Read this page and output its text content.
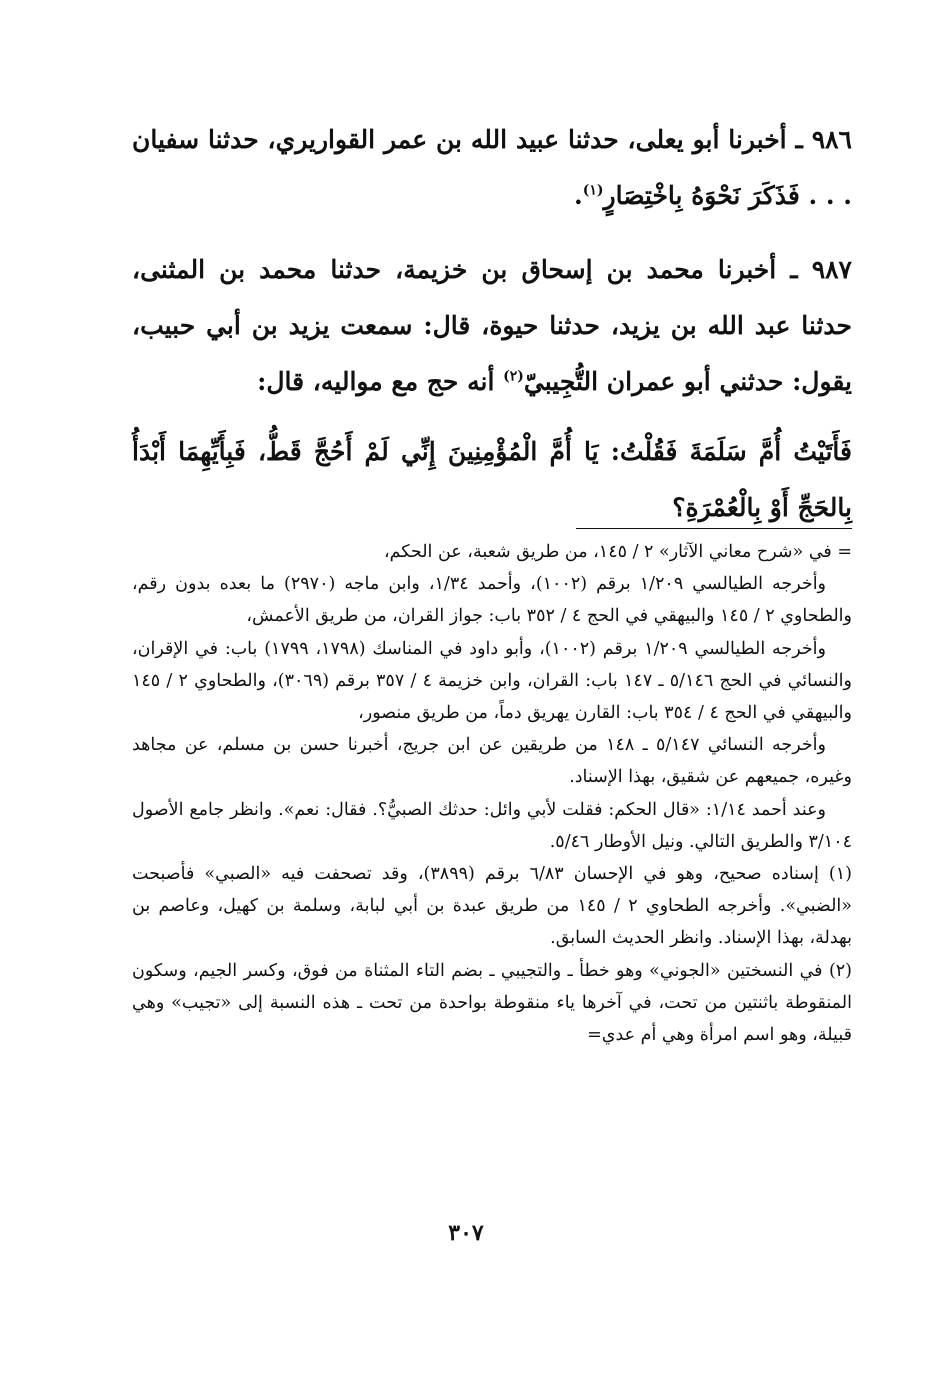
٩٨٦ ـ أخبرنا أبو يعلى، حدثنا عبيد الله بن عمر القواريري، حدثنا سفيان . . . فَذَكَرَ نَحْوَهُ بِاخْتِصَارٍ$^{(١)}$.

٩٨٧ ـ أخبرنا محمد بن إسحاق بن خزيمة، حدثنا محمد بن المثنى، حدثنا عبد الله بن يزيد، حدثنا حيوة، قال: سمعت يزيد بن أبي حبيب، يقول: حدثني أبو عمران التُّجِيبيّ$^{(٢)}$ أنه حج مع مواليه، قال:

فَأَتَيْتُ أُمَّ سَلَمَةَ فَقُلْتُ: يَا أُمَّ الْمُؤْمِنِينَ إِنِّي لَمْ أَحُجَّ قَطُّ، فَبِأَيِّهِمَا أَبْدَأُ بِالحَجِّ أَوْ بِالْعُمْرَةِ؟

= في «شرح معاني الآثار» ٢ / ١٤٥، من طريق شعبة، عن الحكم،

وأخرجه الطيالسي ١/٢٠٩ برقم (١٠٠٢)، وأحمد ١/٣٤، وابن ماجه (٢٩٧٠) ما بعده بدون رقم، والطحاوي ٢ / ١٤٥ والبيهقي في الحج ٤ / ٣٥٢ باب: جواز القران، من طريق الأعمش،

وأخرجه الطيالسي ١/٢٠٩ برقم (١٠٠٢)، وأبو داود في المناسك (١٧٩٨، ١٧٩٩) باب: في الإقران، والنسائي في الحج ٥/١٤٦ ـ ١٤٧ باب: القران، وابن خزيمة ٤ / ٣٥٧ برقم (٣٠٦٩)، والطحاوي ٢ / ١٤٥ والبيهقي في الحج ٤ / ٣٥٤ باب: القارن يهريق دماً، من طريق منصور،

وأخرجه النسائي ٥/١٤٧ ـ ١٤٨ من طريقين عن ابن جريج، أخبرنا حسن بن مسلم، عن مجاهد وغيره، جميعهم عن شقيق، بهذا الإسناد.

وعند أحمد ١/١٤: «قال الحكم: فقلت لأبي وائل: حدثك الصبيُّ؟. فقال: نعم». وانظر جامع الأصول ٣/١٠٤ والطريق التالي. ونيل الأوطار ٥/٤٦.

(١) إسناده صحيح، وهو في الإحسان ٦/٨٣ برقم (٣٨٩٩)، وقد تصحفت فيه «الصبي» فأصبحت «الضبي». وأخرجه الطحاوي ٢ / ١٤٥ من طريق عبدة بن أبي لبابة، وسلمة بن كهيل، وعاصم بن بهدلة، بهذا الإسناد. وانظر الحديث السابق.

(٢) في النسختين «الجوني» وهو خطأ ـ والتجيبي ـ بضم التاء المثناة من فوق، وكسر الجيم، وسكون المنقوطة باثنتين من تحت، في آخرها ياء منقوطة بواحدة من تحت ـ هذه النسبة إلى «تجيب» وهي قبيلة، وهو اسم امرأة وهي أم عدي=

٣٠٧
